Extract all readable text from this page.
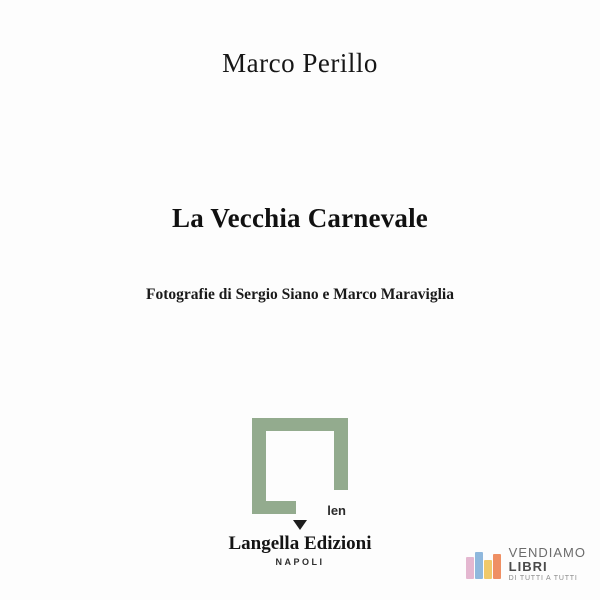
Marco Perillo
La Vecchia Carnevale
Fotografie di Sergio Siano e Marco Maraviglia
len
Langella Edizioni
NAPOLI
VENDIAMO
LIBRI
DI TUTTI A TUTTI
